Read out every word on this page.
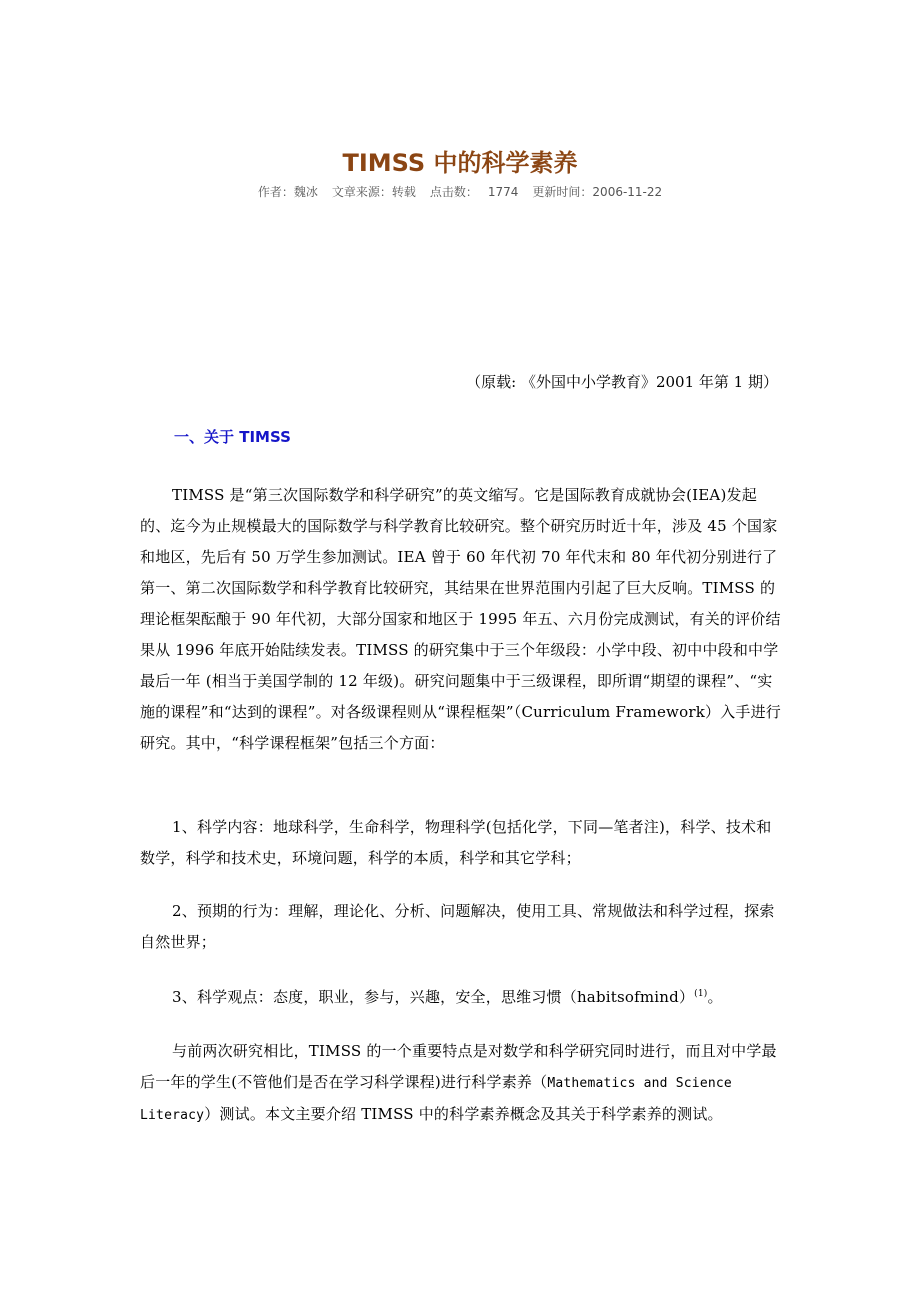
TIMSS 中的科学素养
作者：魏冰 文章来源：转载 点击数： 1774 更新时间：2006-11-22
（原载: 《外国中小学教育》2001 年第 1 期）
一、关于 TIMSS

TIMSS 是“第三次国际数学和科学研究”的英文缩写。它是国际教育成就协会(IEA)发起的、迄今为止规模最大的国际数学与科学教育比较研究。整个研究历时近十年，涉及 45 个国家和地区，先后有 50 万学生参加测试。IEA 曾于 60 年代初 70 年代末和 80 年代初分别进行了第一、第二次国际数学和科学教育比较研究，其结果在世界范围内引起了巨大反响。TIMSS 的理论框架酝酿于 90 年代初，大部分国家和地区于 1995 年五、六月份完成测试，有关的评价结果从 1996 年底开始陆续发表。TIMSS 的研究集中于三个年级段：小学中段、初中中段和中学最后一年 (相当于美国学制的 12 年级)。研究问题集中于三级课程，即所谓“期望的课程”、“实施的课程”和“达到的课程”。对各级课程则从“课程框架”（Curriculum Framework）入手进行研究。其中，“科学课程框架”包括三个方面：

1、科学内容：地球科学，生命科学，物理科学(包括化学，下同—笔者注)，科学、技术和数学，科学和技术史，环境问题，科学的本质，科学和其它学科；

2、预期的行为：理解，理论化、分析、问题解决，使用工具、常规做法和科学过程，探索自然世界；

3、科学观点：态度，职业，参与，兴趣，安全，思维习惯（habitsofmind）$^{(1)}$。

与前两次研究相比，TIMSS 的一个重要特点是对数学和科学研究同时进行，而且对中学最后一年的学生(不管他们是否在学习科学课程)进行科学素养（Mathematics and Science Literacy）测试。本文主要介绍 TIMSS 中的科学素养概念及其关于科学素养的测试。
